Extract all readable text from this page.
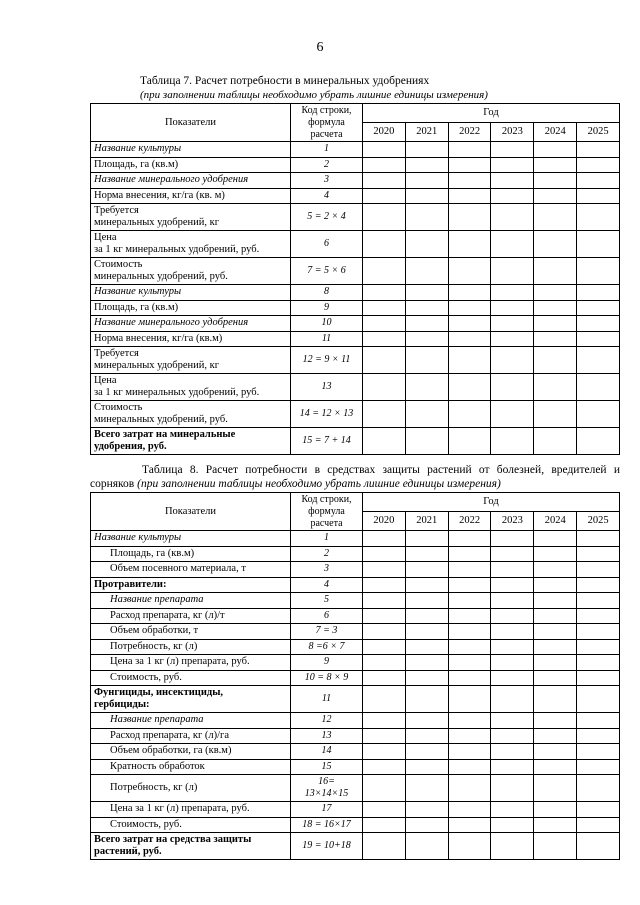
6
Таблица 7. Расчет потребности в минеральных удобрениях
(при заполнении таблицы необходимо убрать лишние единицы измерения)
Показатели	Код строки,
формула
расчета	Год					
		2020	2021	2022	2023	2024	2025
Название культуры	1						
Площадь, га (кв.м)	2						
Название минерального удобрения	3						
Норма внесения, кг/га (кв. м)	4						
Требуется
минеральных удобрений, кг	5 = 2 × 4						
Цена
за 1 кг минеральных удобрений, руб.	6						
Стоимость
минеральных удобрений, руб.	7 = 5 × 6						
Название культуры	8						
Площадь, га (кв.м)	9						
Название минерального удобрения	10						
Норма внесения, кг/га (кв.м)	11						
Требуется
минеральных удобрений, кг	12 = 9 × 11						
Цена
за 1 кг минеральных удобрений, руб.	13						
Стоимость
минеральных удобрений, руб.	14 = 12 × 13						
Всего затрат на минеральные
удобрения, руб.	15 = 7 + 14						
Таблица 8. Расчет потребности в средствах защиты растений от болезней, вредителей и
сорняков (при заполнении таблицы необходимо убрать лишние единицы измерения)
Показатели	Код строки,
формула
расчета	Год					
		2020	2021	2022	2023	2024	2025
Название культуры	1						
Площадь, га (кв.м)	2						
Объем посевного материала, т	3						
Протравители:	4						
Название препарата	5						
Расход препарата, кг (л)/т	6						
Объем обработки, т	7 = 3						
Потребность, кг (л)	8 =6 × 7						
Цена за 1 кг (л) препарата, руб.	9						
Стоимость, руб.	10 = 8 × 9						
Фунгициды, инсектициды,
гербициды:	11						
Название препарата	12						
Расход препарата, кг (л)/га	13						
Объем обработки, га (кв.м)	14						
Кратность обработок	15						
Потребность, кг (л)	16=
13×14×15						
Цена за 1 кг (л) препарата, руб.	17						
Стоимость, руб.	18 = 16×17						
Всего затрат на средства защиты
растений, руб.	19 = 10+18						
